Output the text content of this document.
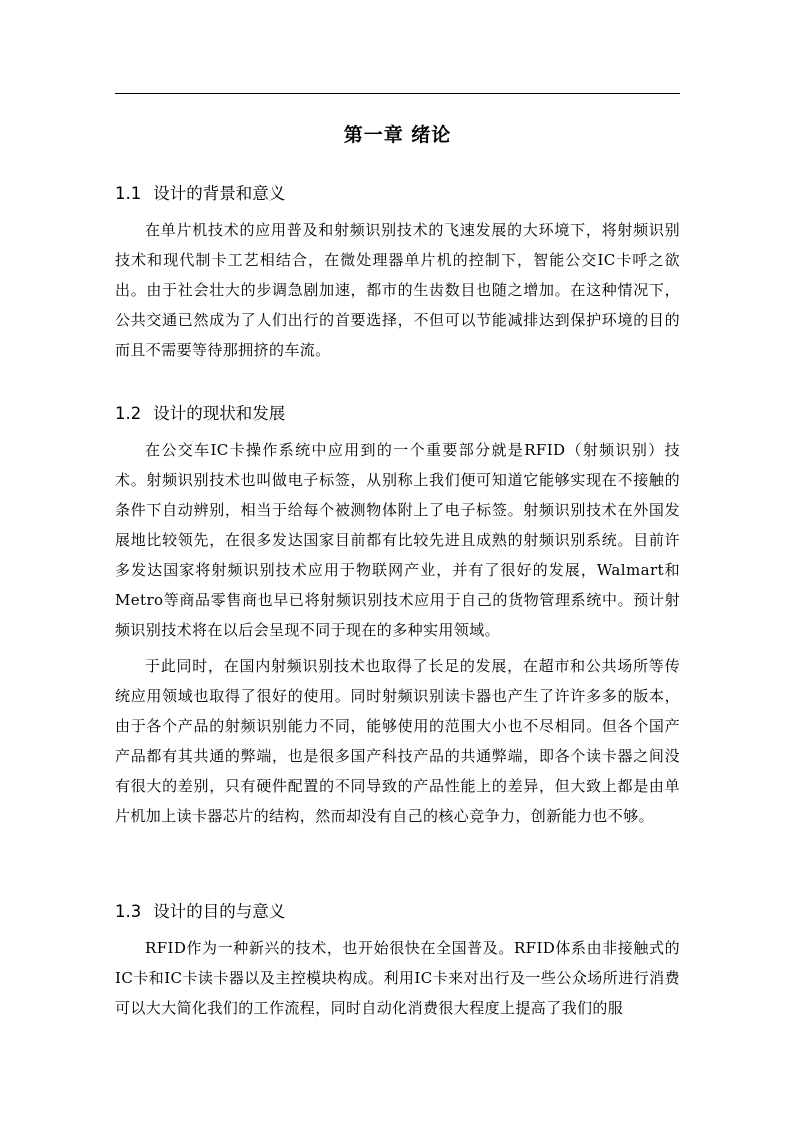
第一章 绪论
1.1 设计的背景和意义

在单片机技术的应用普及和射频识别技术的飞速发展的大环境下，将射频识别技术和现代制卡工艺相结合，在微处理器单片机的控制下，智能公交IC卡呼之欲出。由于社会壮大的步调急剧加速，都市的生齿数目也随之增加。在这种情况下，公共交通已然成为了人们出行的首要选择，不但可以节能减排达到保护环境的目的而且不需要等待那拥挤的车流。

1.2 设计的现状和发展

在公交车IC卡操作系统中应用到的一个重要部分就是RFID（射频识别）技术。射频识别技术也叫做电子标签，从别称上我们便可知道它能够实现在不接触的条件下自动辨别，相当于给每个被测物体附上了电子标签。射频识别技术在外国发展地比较领先，在很多发达国家目前都有比较先进且成熟的射频识别系统。目前许多发达国家将射频识别技术应用于物联网产业，并有了很好的发展，Walmart和Metro等商品零售商也早已将射频识别技术应用于自己的货物管理系统中。预计射频识别技术将在以后会呈现不同于现在的多种实用领域。

于此同时，在国内射频识别技术也取得了长足的发展，在超市和公共场所等传统应用领域也取得了很好的使用。同时射频识别读卡器也产生了许许多多的版本，由于各个产品的射频识别能力不同，能够使用的范围大小也不尽相同。但各个国产产品都有其共通的弊端，也是很多国产科技产品的共通弊端，即各个读卡器之间没有很大的差别，只有硬件配置的不同导致的产品性能上的差异，但大致上都是由单片机加上读卡器芯片的结构，然而却没有自己的核心竞争力，创新能力也不够。

1.3 设计的目的与意义

RFID作为一种新兴的技术，也开始很快在全国普及。RFID体系由非接触式的IC卡和IC卡读卡器以及主控模块构成。利用IC卡来对出行及一些公众场所进行消费可以大大简化我们的工作流程，同时自动化消费很大程度上提高了我们的服
